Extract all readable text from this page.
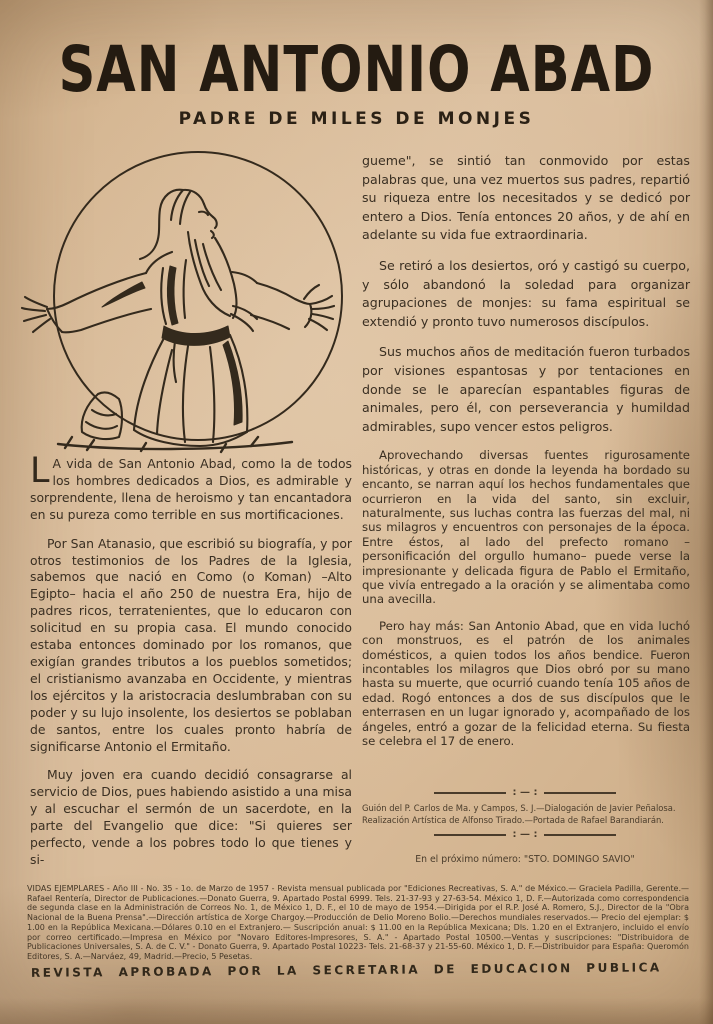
SAN ANTONIO ABAD
PADRE DE MILES DE MONJES

L A vida de San Antonio Abad, como la de todos los hombres dedicados a Dios, es admirable y sorprendente, llena de heroismo y tan encantadora en su pureza como terrible en sus mortificaciones.

Por San Atanasio, que escribió su biografía, y por otros testimonios de los Padres de la Iglesia, sabemos que nació en Como (o Koman) –Alto Egipto– hacia el año 250 de nuestra Era, hijo de padres ricos, terratenientes, que lo educaron con solicitud en su propia casa. El mundo conocido estaba entonces dominado por los romanos, que exigían grandes tributos a los pueblos sometidos; el cristianismo avanzaba en Occidente, y mientras los ejércitos y la aristocracia deslumbraban con su poder y su lujo insolente, los desiertos se poblaban de santos, entre los cuales pronto habría de significarse Antonio el Ermitaño.

Muy joven era cuando decidió consagrarse al servicio de Dios, pues habiendo asistido a una misa y al escuchar el sermón de un sacerdote, en la parte del Evangelio que dice: "Si quieres ser perfecto, vende a los pobres todo lo que tienes y si-

gueme", se sintió tan conmovido por estas palabras que, una vez muertos sus padres, repartió su riqueza entre los necesitados y se dedicó por entero a Dios. Tenía entonces 20 años, y de ahí en adelante su vida fue extraordinaria.

Se retiró a los desiertos, oró y castigó su cuerpo, y sólo abandonó la soledad para organizar agrupaciones de monjes: su fama espiritual se extendió y pronto tuvo numerosos discípulos.

Sus muchos años de meditación fueron turbados por visiones espantosas y por tentaciones en donde se le aparecían espantables figuras de animales, pero él, con perseverancia y humildad admirables, supo vencer estos peligros.

Aprovechando diversas fuentes rigurosamente históricas, y otras en donde la leyenda ha bordado su encanto, se narran aquí los hechos fundamentales que ocurrieron en la vida del santo, sin excluir, naturalmente, sus luchas contra las fuerzas del mal, ni sus milagros y encuentros con personajes de la época. Entre éstos, al lado del prefecto romano –personificación del orgullo humano– puede verse la impresionante y delicada figura de Pablo el Ermitaño, que vivía entregado a la oración y se alimentaba como una avecilla.

Pero hay más: San Antonio Abad, que en vida luchó con monstruos, es el patrón de los animales domésticos, a quien todos los años bendice. Fueron incontables los milagros que Dios obró por su mano hasta su muerte, que ocurrió cuando tenía 105 años de edad. Rogó entonces a dos de sus discípulos que le enterrasen en un lugar ignorado y, acompañado de los ángeles, entró a gozar de la felicidad eterna. Su fiesta se celebra el 17 de enero.

: — :
Guión del P. Carlos de Ma. y Campos, S. J.—Dialogación de Javier Peñalosa.
Realización Artística de Alfonso Tirado.—Portada de Rafael Barandiarán.
: — :
En el próximo número: "STO. DOMINGO SAVIO"
VIDAS EJEMPLARES - Año III - No. 35 - 1o. de Marzo de 1957 - Revista mensual publicada por "Ediciones Recreativas, S. A." de México.— Graciela Padilla, Gerente.—Rafael Rentería, Director de Publicaciones.—Donato Guerra, 9. Apartado Postal 6999. Tels. 21-37-93 y 27-63-54. México 1, D. F.—Autorizada como correspondencia de segunda clase en la Administración de Correos No. 1, de México 1, D. F., el 10 de mayo de 1954.—Dirigida por el R.P. José A. Romero, S.J., Director de la "Obra Nacional de la Buena Prensa".—Dirección artística de Xorge Chargoy.—Producción de Delio Moreno Bolio.—Derechos mundiales reservados.— Precio del ejemplar: $ 1.00 en la República Mexicana.—Dólares 0.10 en el Extranjero.— Suscripción anual: $ 11.00 en la República Mexicana; Dls. 1.20 en el Extranjero, incluido el envío por correo certificado.—Impresa en México por "Novaro Editores-Impresores, S. A." - Apartado Postal 10500.—Ventas y suscripciones: "Distribuidora de Publicaciones Universales, S. A. de C. V." - Donato Guerra, 9. Apartado Postal 10223- Tels. 21-68-37 y 21-55-60. México 1, D. F.—Distribuidor para España: Queromón Editores, S. A.—Narváez, 49, Madrid.—Precio, 5 Pesetas.
REVISTA APROBADA POR LA SECRETARIA DE EDUCACION PUBLICA
